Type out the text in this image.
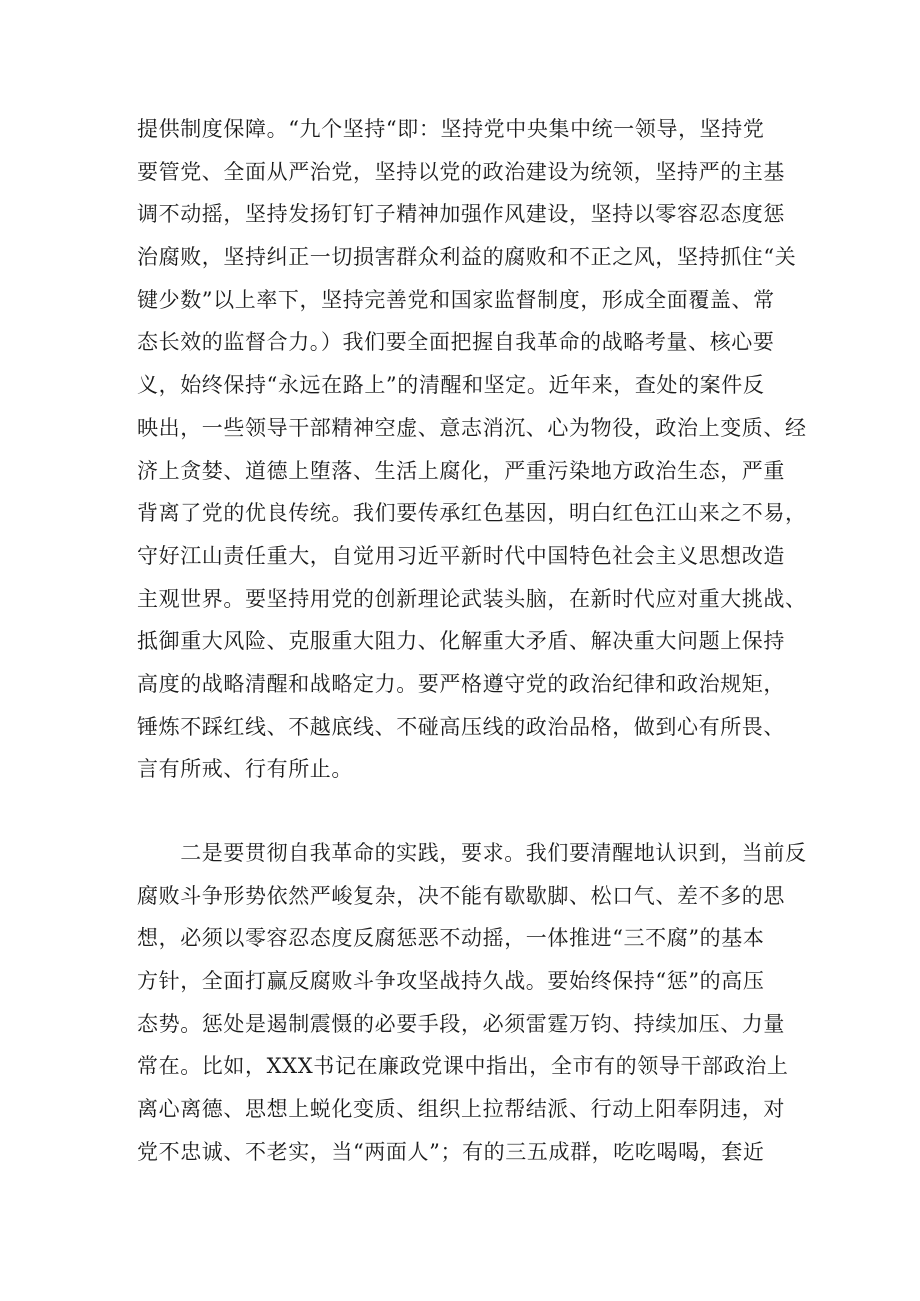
提供制度保障。“九个坚持“即：坚持党中央集中统一领导，坚持党
要管党、全面从严治党，坚持以党的政治建设为统领，坚持严的主基
调不动摇，坚持发扬钉钉子精神加强作风建设，坚持以零容忍态度惩
治腐败，坚持纠正一切损害群众利益的腐败和不正之风，坚持抓住“关
键少数”以上率下，坚持完善党和国家监督制度，形成全面覆盖、常
态长效的监督合力。）我们要全面把握自我革命的战略考量、核心要
义，始终保持“永远在路上”的清醒和坚定。近年来，查处的案件反
映出，一些领导干部精神空虚、意志消沉、心为物役，政治上变质、经
济上贪婪、道德上堕落、生活上腐化，严重污染地方政治生态，严重
背离了党的优良传统。我们要传承红色基因，明白红色江山来之不易，
守好江山责任重大，自觉用习近平新时代中国特色社会主义思想改造
主观世界。要坚持用党的创新理论武装头脑，在新时代应对重大挑战、
抵御重大风险、克服重大阻力、化解重大矛盾、解决重大问题上保持
高度的战略清醒和战略定力。要严格遵守党的政治纪律和政治规矩，
锤炼不踩红线、不越底线、不碰高压线的政治品格，做到心有所畏、
言有所戒、行有所止。
　　二是要贯彻自我革命的实践，要求。我们要清醒地认识到，当前反
腐败斗争形势依然严峻复杂，决不能有歇歇脚、松口气、差不多的思
想，必须以零容忍态度反腐惩恶不动摇，一体推进“三不腐”的基本
方针，全面打赢反腐败斗争攻坚战持久战。要始终保持“惩”的高压
态势。惩处是遏制震慑的必要手段，必须雷霆万钧、持续加压、力量
常在。比如，XXX书记在廉政党课中指出，全市有的领导干部政治上
离心离德、思想上蜕化变质、组织上拉帮结派、行动上阳奉阴违，对
党不忠诚、不老实，当“两面人”；有的三五成群，吃吃喝喝，套近
